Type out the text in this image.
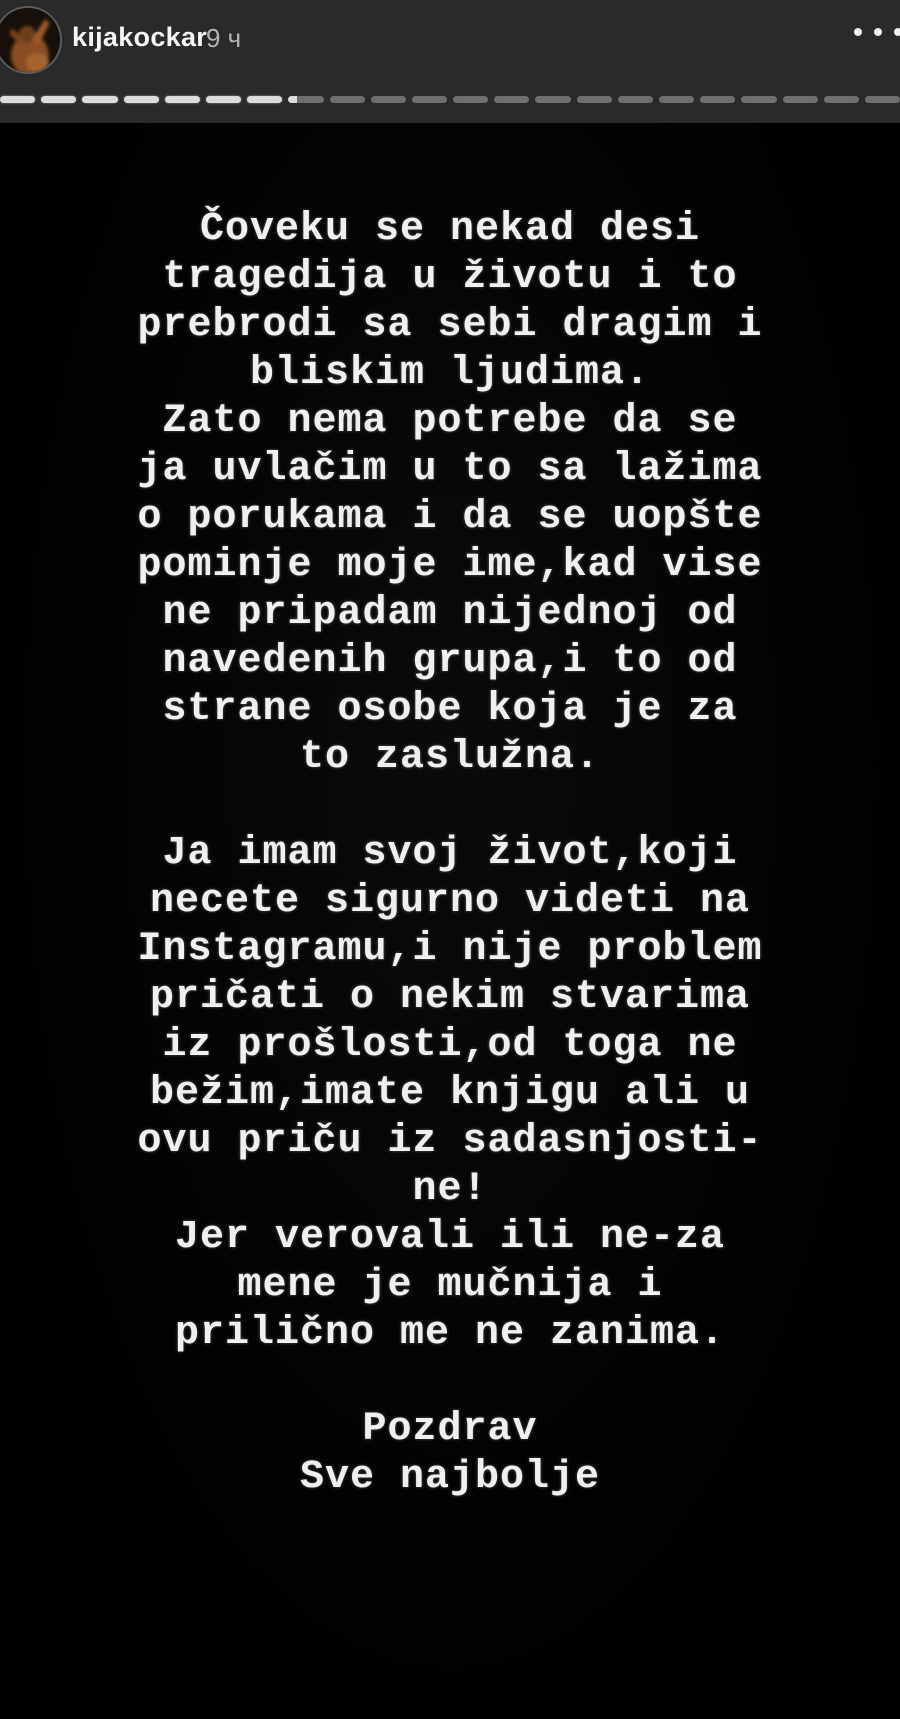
kijakockar
9 ч
Čoveku se nekad desi
tragedija u životu i to
prebrodi sa sebi dragim i
bliskim ljudima.
Zato nema potrebe da se
ja uvlačim u to sa lažima
o porukama i da se uopšte
pominje moje ime,kad vise
ne pripadam nijednoj od
navedenih grupa,i to od
strane osobe koja je za
to zaslužna.

Ja imam svoj život,koji
necete sigurno videti na
Instagramu,i nije problem
pričati o nekim stvarima
iz prošlosti,od toga ne
bežim,imate knjigu ali u
ovu priču iz sadasnjosti-
ne!
Jer verovali ili ne-za
mene je mučnija i
prilično me ne zanima.

Pozdrav
Sve najbolje
